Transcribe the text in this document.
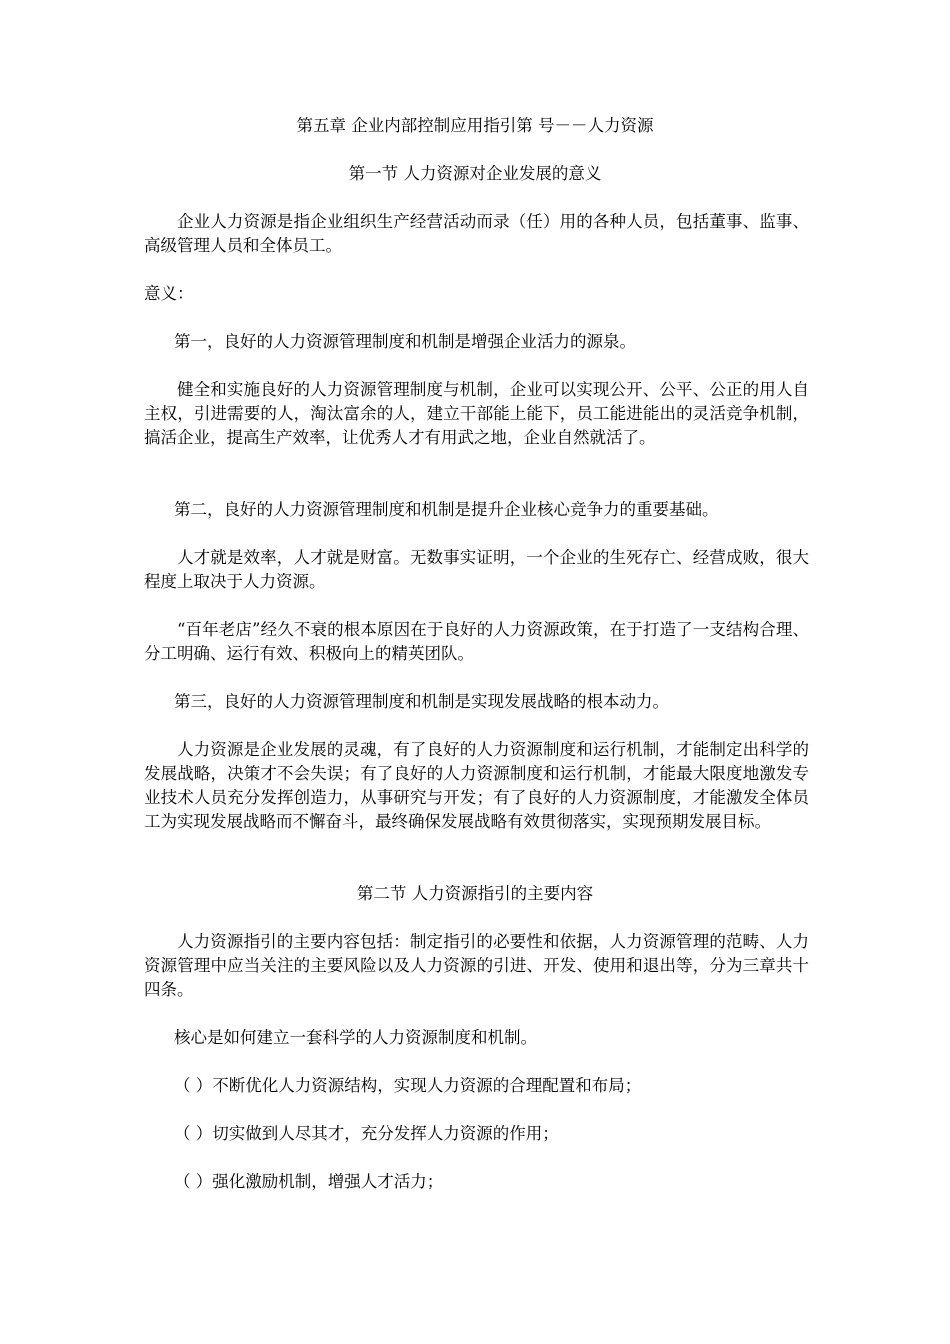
第五章 企业内部控制应用指引第 号－－人力资源
第一节 人力资源对企业发展的意义
企业人力资源是指企业组织生产经营活动而录（任）用的各种人员，包括董事、监事、高级管理人员和全体员工。
意义：
第一，良好的人力资源管理制度和机制是增强企业活力的源泉。
健全和实施良好的人力资源管理制度与机制，企业可以实现公开、公平、公正的用人自主权，引进需要的人，淘汰富余的人，建立干部能上能下，员工能进能出的灵活竞争机制，搞活企业，提高生产效率，让优秀人才有用武之地，企业自然就活了。
第二，良好的人力资源管理制度和机制是提升企业核心竞争力的重要基础。
人才就是效率，人才就是财富。无数事实证明，一个企业的生死存亡、经营成败，很大程度上取决于人力资源。
“百年老店”经久不衰的根本原因在于良好的人力资源政策，在于打造了一支结构合理、分工明确、运行有效、积极向上的精英团队。
第三，良好的人力资源管理制度和机制是实现发展战略的根本动力。
人力资源是企业发展的灵魂，有了良好的人力资源制度和运行机制，才能制定出科学的发展战略，决策才不会失误；有了良好的人力资源制度和运行机制，才能最大限度地激发专业技术人员充分发挥创造力，从事研究与开发；有了良好的人力资源制度，才能激发全体员工为实现发展战略而不懈奋斗，最终确保发展战略有效贯彻落实，实现预期发展目标。
第二节 人力资源指引的主要内容
人力资源指引的主要内容包括：制定指引的必要性和依据，人力资源管理的范畴、人力资源管理中应当关注的主要风险以及人力资源的引进、开发、使用和退出等，分为三章共十四条。
核心是如何建立一套科学的人力资源制度和机制。
（ ）不断优化人力资源结构，实现人力资源的合理配置和布局；
（ ）切实做到人尽其才，充分发挥人力资源的作用；
（ ）强化激励机制，增强人才活力；
